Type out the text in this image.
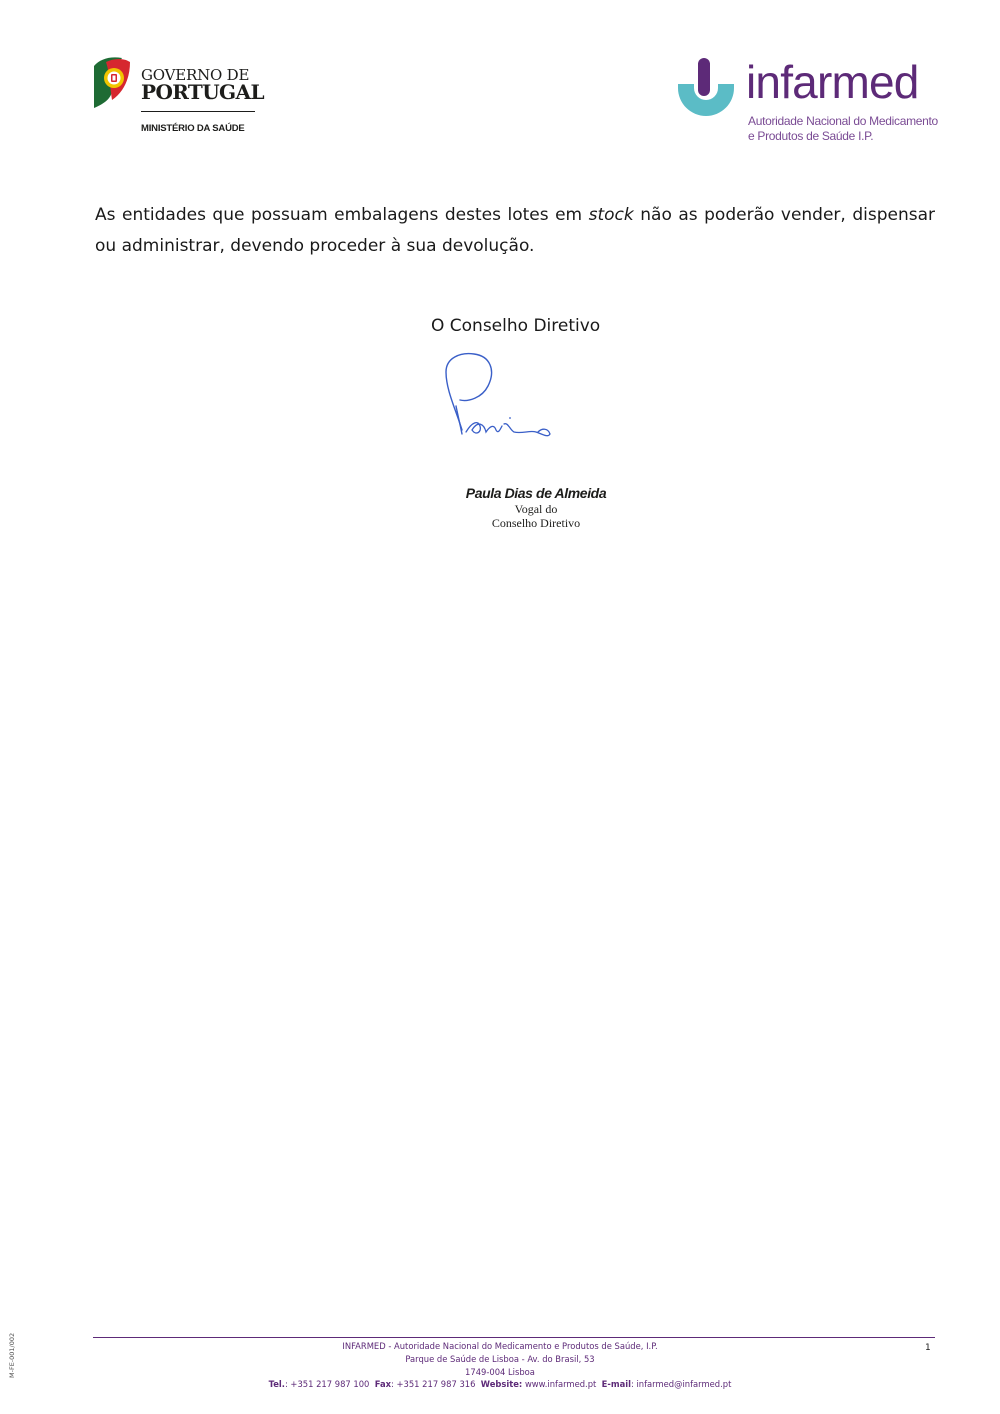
GOVERNO DE
PORTUGAL
MINISTÉRIO DA SAÚDE
infarmed
Autoridade Nacional do Medicamento
e Produtos de Saúde I.P.

As entidades que possuam embalagens destes lotes em stock não as poderão vender, dispensar ou administrar, devendo proceder à sua devolução.

O Conselho Diretivo
Paula Dias de Almeida
Vogal do
Conselho Diretivo
INFARMED - Autoridade Nacional do Medicamento e Produtos de Saúde, I.P.
Parque de Saúde de Lisboa - Av. do Brasil, 53
1749-004 Lisboa
Tel.: +351 217 987 100 Fax: +351 217 987 316 Website: www.infarmed.pt E-mail: infarmed@infarmed.pt
1
M-FE-001/002
